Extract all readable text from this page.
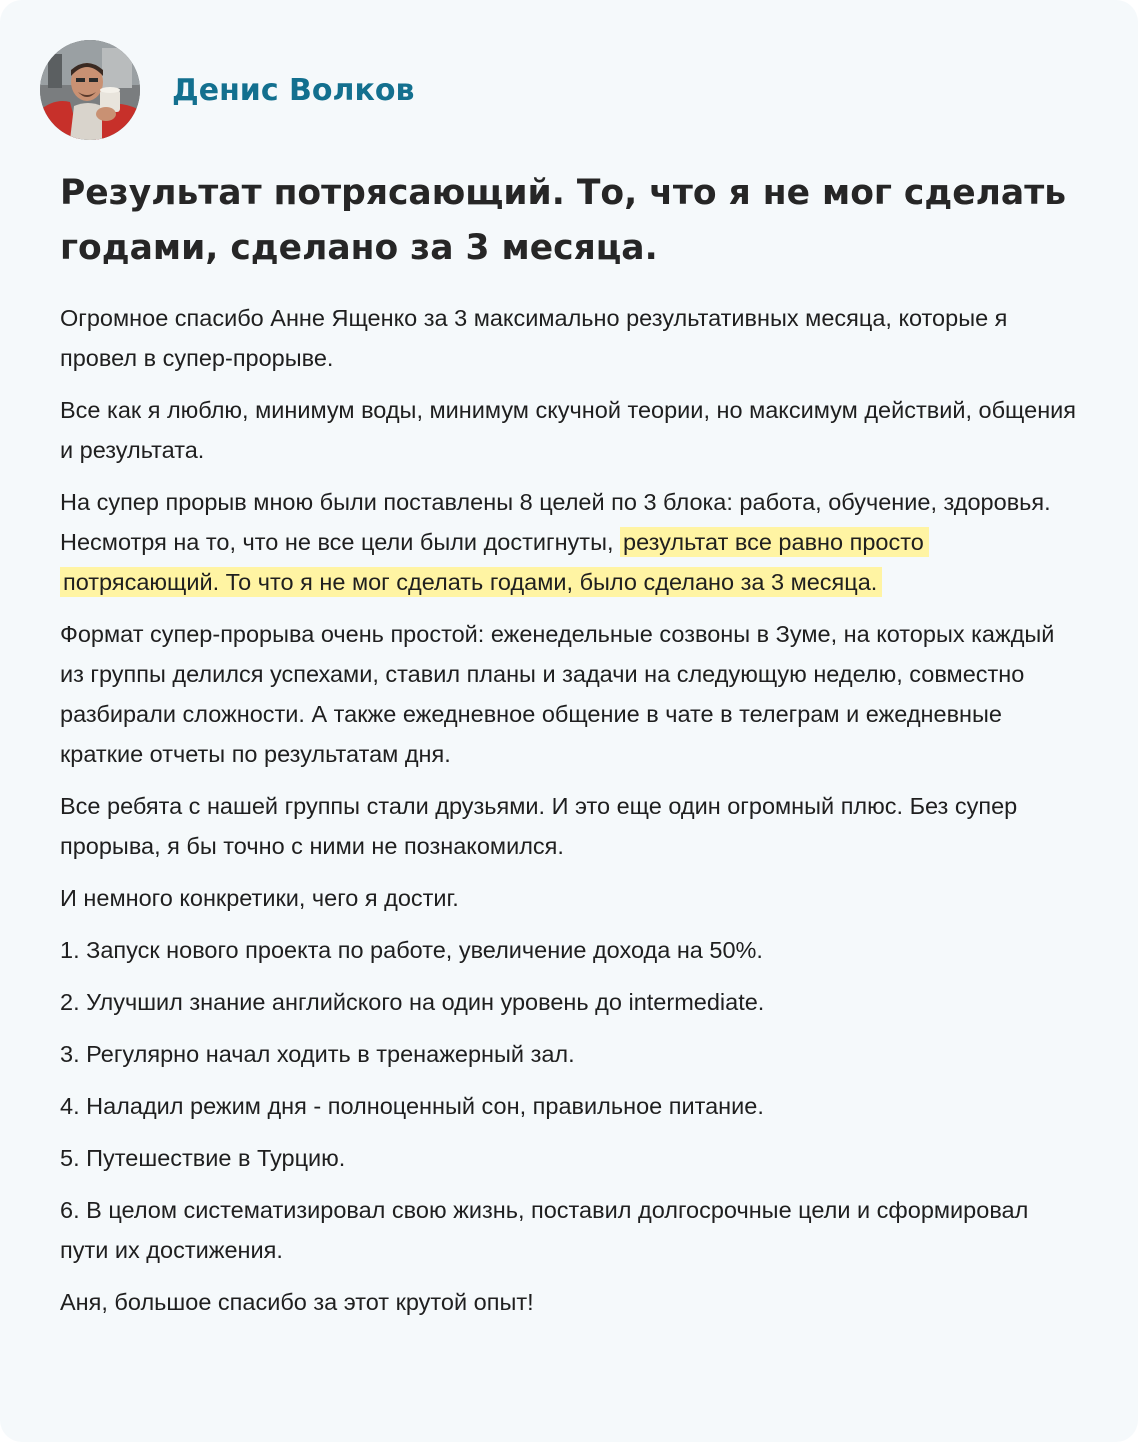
Денис Волков
Результат потрясающий. То, что я не мог сделать годами, сделано за 3 месяца.

Огромное спасибо Анне Ященко за 3 максимально результативных месяца, которые я провел в супер-прорыве.

Все как я люблю, минимум воды, минимум скучной теории, но максимум действий, общения и результата.

На супер прорыв мною были поставлены 8 целей по 3 блока: работа, обучение, здоровья. Несмотря на то, что не все цели были достигнуты, результат все равно просто потрясающий. То что я не мог сделать годами, было сделано за 3 месяца.

Формат супер-прорыва очень простой: еженедельные созвоны в Зуме, на которых каждый из группы делился успехами, ставил планы и задачи на следующую неделю, совместно разбирали сложности. А также ежедневное общение в чате в телеграм и ежедневные краткие отчеты по результатам дня.

Все ребята с нашей группы стали друзьями. И это еще один огромный плюс. Без супер прорыва, я бы точно с ними не познакомился.

И немного конкретики, чего я достиг.

1. Запуск нового проекта по работе, увеличение дохода на 50%.

2. Улучшил знание английского на один уровень до intermediate.

3. Регулярно начал ходить в тренажерный зал.

4. Наладил режим дня - полноценный сон, правильное питание.

5. Путешествие в Турцию.

6. В целом систематизировал свою жизнь, поставил долгосрочные цели и сформировал пути их достижения.

Аня, большое спасибо за этот крутой опыт!
